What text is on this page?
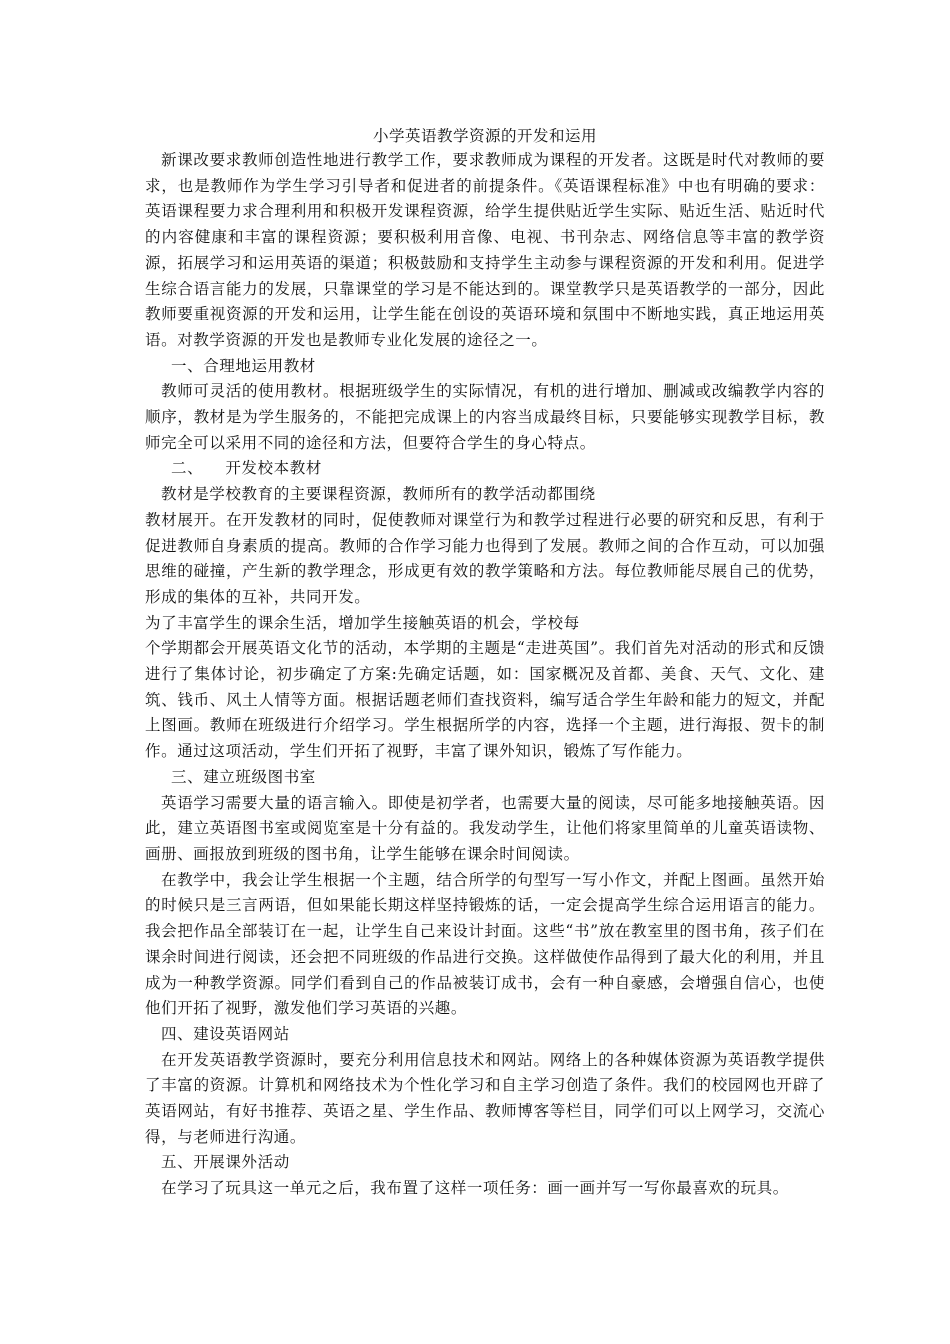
小学英语教学资源的开发和运用

新课改要求教师创造性地进行教学工作，要求教师成为课程的开发者。这既是时代对教师的要求，也是教师作为学生学习引导者和促进者的前提条件。《英语课程标准》中也有明确的要求：英语课程要力求合理利用和积极开发课程资源，给学生提供贴近学生实际、贴近生活、贴近时代的内容健康和丰富的课程资源；要积极利用音像、电视、书刊杂志、网络信息等丰富的教学资源，拓展学习和运用英语的渠道；积极鼓励和支持学生主动参与课程资源的开发和利用。促进学生综合语言能力的发展，只靠课堂的学习是不能达到的。课堂教学只是英语教学的一部分，因此教师要重视资源的开发和运用，让学生能在创设的英语环境和氛围中不断地实践，真正地运用英语。对教学资源的开发也是教师专业化发展的途径之一。

一、合理地运用教材

教师可灵活的使用教材。根据班级学生的实际情况，有机的进行增加、删减或改编教学内容的顺序，教材是为学生服务的，不能把完成课上的内容当成最终目标，只要能够实现教学目标，教师完全可以采用不同的途径和方法，但要符合学生的身心特点。

二、 开发校本教材

教材是学校教育的主要课程资源，教师所有的教学活动都围绕

教材展开。在开发教材的同时，促使教师对课堂行为和教学过程进行必要的研究和反思，有利于促进教师自身素质的提高。教师的合作学习能力也得到了发展。教师之间的合作互动，可以加强思维的碰撞，产生新的教学理念，形成更有效的教学策略和方法。每位教师能尽展自己的优势，形成的集体的互补，共同开发。

为了丰富学生的课余生活，增加学生接触英语的机会，学校每

个学期都会开展英语文化节的活动，本学期的主题是“走进英国”。我们首先对活动的形式和反馈进行了集体讨论，初步确定了方案:先确定话题，如：国家概况及首都、美食、天气、文化、建筑、钱币、风土人情等方面。根据话题老师们查找资料，编写适合学生年龄和能力的短文，并配上图画。教师在班级进行介绍学习。学生根据所学的内容，选择一个主题，进行海报、贺卡的制作。通过这项活动，学生们开拓了视野，丰富了课外知识，锻炼了写作能力。

三、建立班级图书室

英语学习需要大量的语言输入。即使是初学者，也需要大量的阅读，尽可能多地接触英语。因此，建立英语图书室或阅览室是十分有益的。我发动学生，让他们将家里简单的儿童英语读物、画册、画报放到班级的图书角，让学生能够在课余时间阅读。

在教学中，我会让学生根据一个主题，结合所学的句型写一写小作文，并配上图画。虽然开始的时候只是三言两语，但如果能长期这样坚持锻炼的话，一定会提高学生综合运用语言的能力。我会把作品全部装订在一起，让学生自己来设计封面。这些“书”放在教室里的图书角，孩子们在课余时间进行阅读，还会把不同班级的作品进行交换。这样做使作品得到了最大化的利用，并且成为一种教学资源。同学们看到自己的作品被装订成书，会有一种自豪感，会增强自信心，也使他们开拓了视野，激发他们学习英语的兴趣。

四、建设英语网站

在开发英语教学资源时，要充分利用信息技术和网站。网络上的各种媒体资源为英语教学提供了丰富的资源。计算机和网络技术为个性化学习和自主学习创造了条件。我们的校园网也开辟了英语网站，有好书推荐、英语之星、学生作品、教师博客等栏目，同学们可以上网学习，交流心得，与老师进行沟通。

五、开展课外活动

在学习了玩具这一单元之后，我布置了这样一项任务：画一画并写一写你最喜欢的玩具。
